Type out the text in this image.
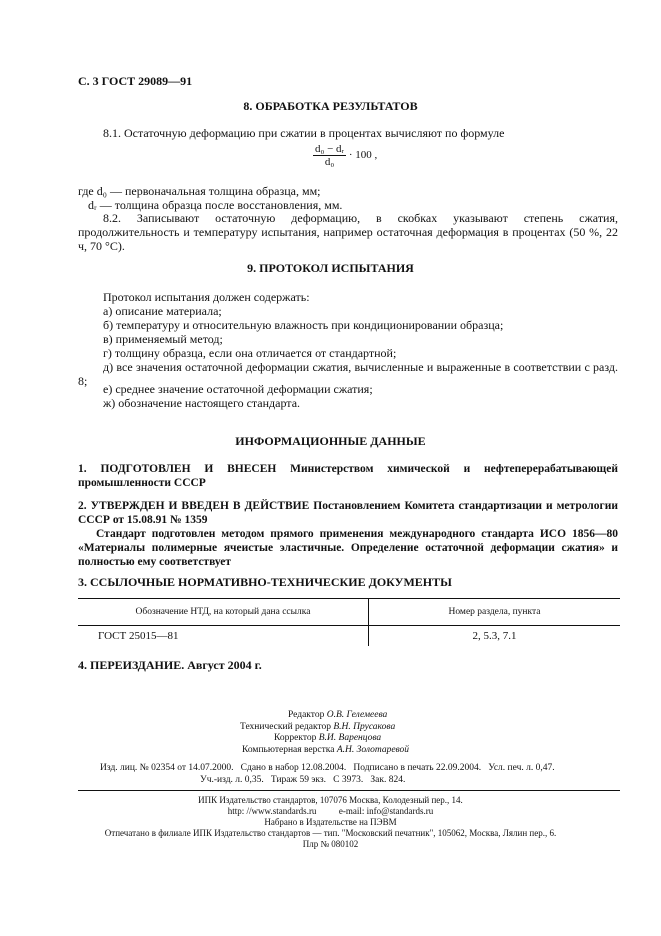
С. 3 ГОСТ 29089—91
8. ОБРАБОТКА РЕЗУЛЬТАТОВ
8.1. Остаточную деформацию при сжатии в процентах вычисляют по формуле
$\frac{\text{d₀ − dᵣ}}{\text{d₀}} \cdot 100$ ,
где d₀ — первоначальная толщина образца, мм;
dᵣ — толщина образца после восстановления, мм.
8.2. Записывают остаточную деформацию, в скобках указывают степень сжатия, продолжительность и температуру испытания, например остаточная деформация в процентах (50 %, 22 ч, 70 °С).
9. ПРОТОКОЛ ИСПЫТАНИЯ
Протокол испытания должен содержать:
а) описание материала;
б) температуру и относительную влажность при кондиционировании образца;
в) применяемый метод;
г) толщину образца, если она отличается от стандартной;
д) все значения остаточной деформации сжатия, вычисленные и выраженные в соответствии с разд. 8;
е) среднее значение остаточной деформации сжатия;
ж) обозначение настоящего стандарта.
ИНФОРМАЦИОННЫЕ ДАННЫЕ
1. ПОДГОТОВЛЕН И ВНЕСЕН Министерством химической и нефтеперерабатывающей промышленности СССР
2. УТВЕРЖДЕН И ВВЕДЕН В ДЕЙСТВИЕ Постановлением Комитета стандартизации и метрологии СССР от 15.08.91 № 1359
Стандарт подготовлен методом прямого применения международного стандарта ИСО 1856—80 «Материалы полимерные ячеистые эластичные. Определение остаточной деформации сжатия» и полностью ему соответствует
3. ССЫЛОЧНЫЕ НОРМАТИВНО-ТЕХНИЧЕСКИЕ ДОКУМЕНТЫ
Обозначение НТД, на который дана ссылка	Номер раздела, пункта
ГОСТ 25015—81	2, 5.3, 7.1
4. ПЕРЕИЗДАНИЕ. Август 2004 г.
Редактор О.В. Гелемеева
Технический редактор В.Н. Прусакова
Корректор В.И. Варенцова
Компьютерная верстка А.Н. Золотаревой
Изд. лиц. № 02354 от 14.07.2000.   Сдано в набор 12.08.2004.   Подписано в печать 22.09.2004.   Усл. печ. л. 0,47.
Уч.-изд. л. 0,35.   Тираж 59 экз.   С 3973.   Зак. 824.
ИПК Издательство стандартов, 107076 Москва, Колодезный пер., 14.
http: //www.standards.ru          e-mail: info@standards.ru
Набрано в Издательстве на ПЭВМ
Отпечатано в филиале ИПК Издательство стандартов — тип. "Московский печатник", 105062, Москва, Лялин пер., 6.
Плр № 080102
